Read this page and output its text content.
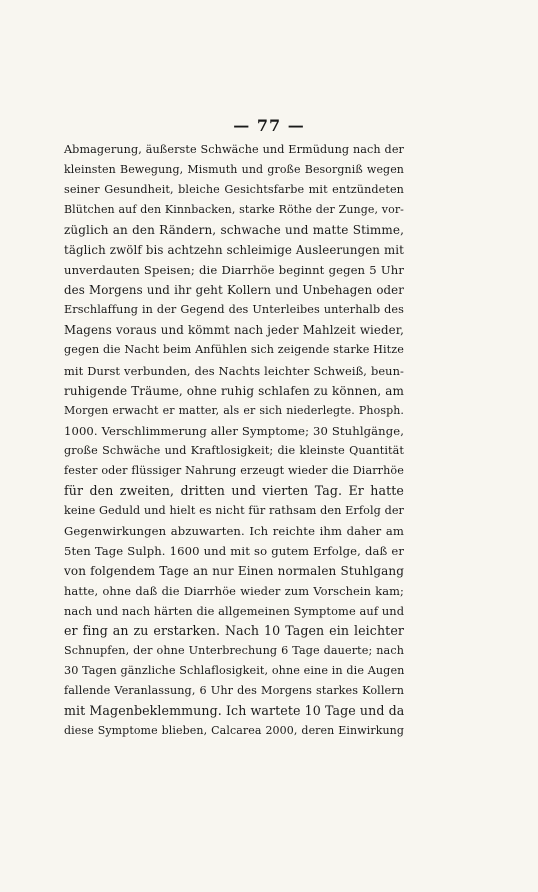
— 77 —
Abmagerung, äußerste Schwäche und Ermüdung nach der
kleinsten Bewegung, Mismuth und große Besorgniß wegen
seiner Gesundheit, bleiche Gesichtsfarbe mit entzündeten
Blütchen auf den Kinnbacken, starke Röthe der Zunge, vor-
züglich an den Rändern, schwache und matte Stimme,
täglich zwölf bis achtzehn schleimige Ausleerungen mit
unverdauten Speisen; die Diarrhöe beginnt gegen 5 Uhr
des Morgens und ihr geht Kollern und Unbehagen oder
Erschlaffung in der Gegend des Unterleibes unterhalb des
Magens voraus und kömmt nach jeder Mahlzeit wieder,
gegen die Nacht beim Anfühlen sich zeigende starke Hitze
mit Durst verbunden, des Nachts leichter Schweiß, beun-
ruhigende Träume, ohne ruhig schlafen zu können, am
Morgen erwacht er matter, als er sich niederlegte. Phosph.
1000. Verschlimmerung aller Symptome; 30 Stuhlgänge,
große Schwäche und Kraftlosigkeit; die kleinste Quantität
fester oder flüssiger Nahrung erzeugt wieder die Diarrhöe
für den zweiten, dritten und vierten Tag. Er hatte
keine Geduld und hielt es nicht für rathsam den Erfolg der
Gegenwirkungen abzuwarten. Ich reichte ihm daher am
5ten Tage Sulph. 1600 und mit so gutem Erfolge, daß er
von folgendem Tage an nur Einen normalen Stuhlgang
hatte, ohne daß die Diarrhöe wieder zum Vorschein kam;
nach und nach härten die allgemeinen Symptome auf und
er fing an zu erstarken. Nach 10 Tagen ein leichter
Schnupfen, der ohne Unterbrechung 6 Tage dauerte; nach
30 Tagen gänzliche Schlaflosigkeit, ohne eine in die Augen
fallende Veranlassung, 6 Uhr des Morgens starkes Kollern
mit Magenbeklemmung. Ich wartete 10 Tage und da
diese Symptome blieben, Calcarea 2000, deren Einwirkung
